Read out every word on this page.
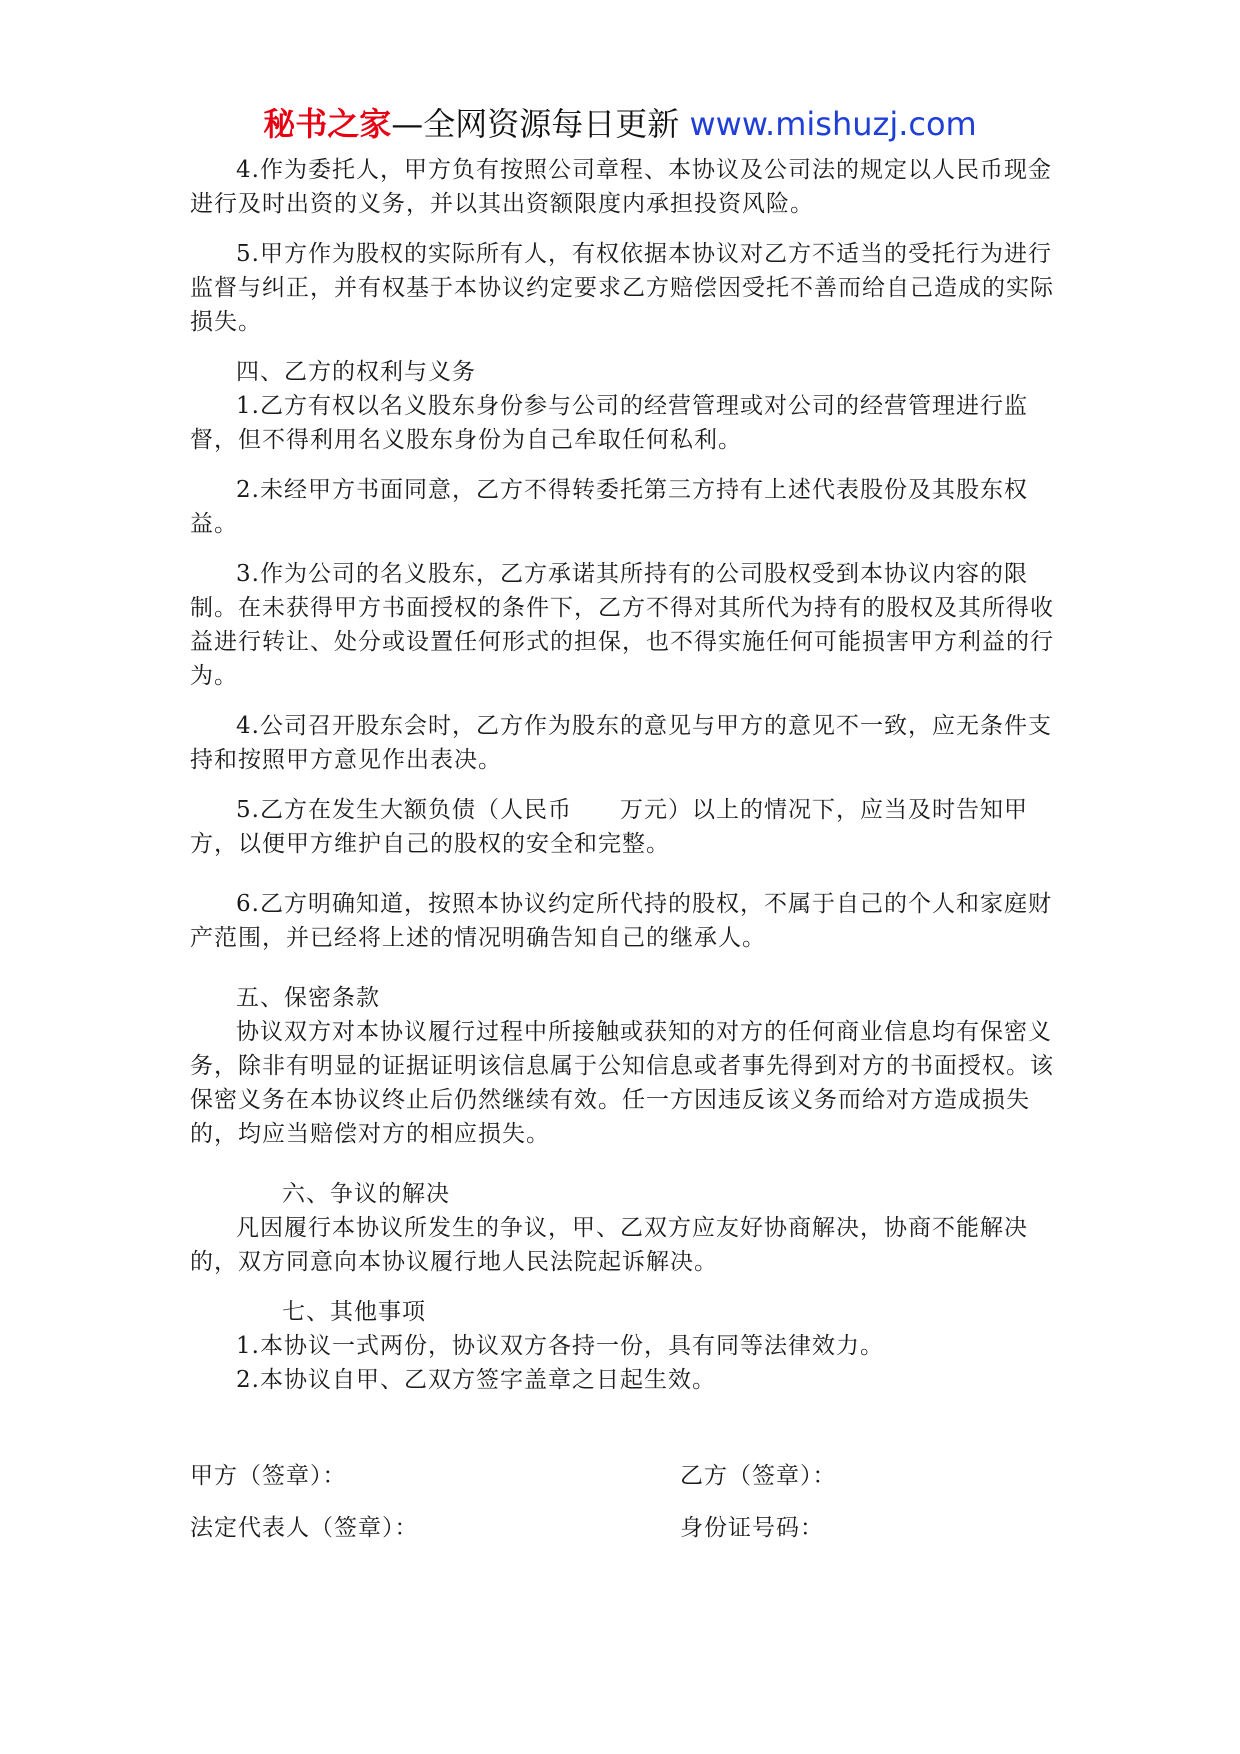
秘书之家—全网资源每日更新 www.mishuzj.com

4.作为委托人，甲方负有按照公司章程、本协议及公司法的规定以人民币现金进行及时出资的义务，并以其出资额限度内承担投资风险。

5.甲方作为股权的实际所有人，有权依据本协议对乙方不适当的受托行为进行监督与纠正，并有权基于本协议约定要求乙方赔偿因受托不善而给自己造成的实际损失。

四、乙方的权利与义务

1.乙方有权以名义股东身份参与公司的经营管理或对公司的经营管理进行监督，但不得利用名义股东身份为自己牟取任何私利。

2.未经甲方书面同意，乙方不得转委托第三方持有上述代表股份及其股东权益。

3.作为公司的名义股东，乙方承诺其所持有的公司股权受到本协议内容的限制。在未获得甲方书面授权的条件下，乙方不得对其所代为持有的股权及其所得收益进行转让、处分或设置任何形式的担保，也不得实施任何可能损害甲方利益的行为。

4.公司召开股东会时，乙方作为股东的意见与甲方的意见不一致，应无条件支持和按照甲方意见作出表决。

5.乙方在发生大额负债（人民币　　万元）以上的情况下，应当及时告知甲方，以便甲方维护自己的股权的安全和完整。

6.乙方明确知道，按照本协议约定所代持的股权，不属于自己的个人和家庭财产范围，并已经将上述的情况明确告知自己的继承人。

五、保密条款

协议双方对本协议履行过程中所接触或获知的对方的任何商业信息均有保密义务，除非有明显的证据证明该信息属于公知信息或者事先得到对方的书面授权。该保密义务在本协议终止后仍然继续有效。任一方因违反该义务而给对方造成损失的，均应当赔偿对方的相应损失。

六、争议的解决

凡因履行本协议所发生的争议，甲、乙双方应友好协商解决，协商不能解决的，双方同意向本协议履行地人民法院起诉解决。

七、其他事项

1.本协议一式两份，协议双方各持一份，具有同等法律效力。

2.本协议自甲、乙双方签字盖章之日起生效。

甲方（签章）：	乙方（签章）：
法定代表人（签章）：	身份证号码：
